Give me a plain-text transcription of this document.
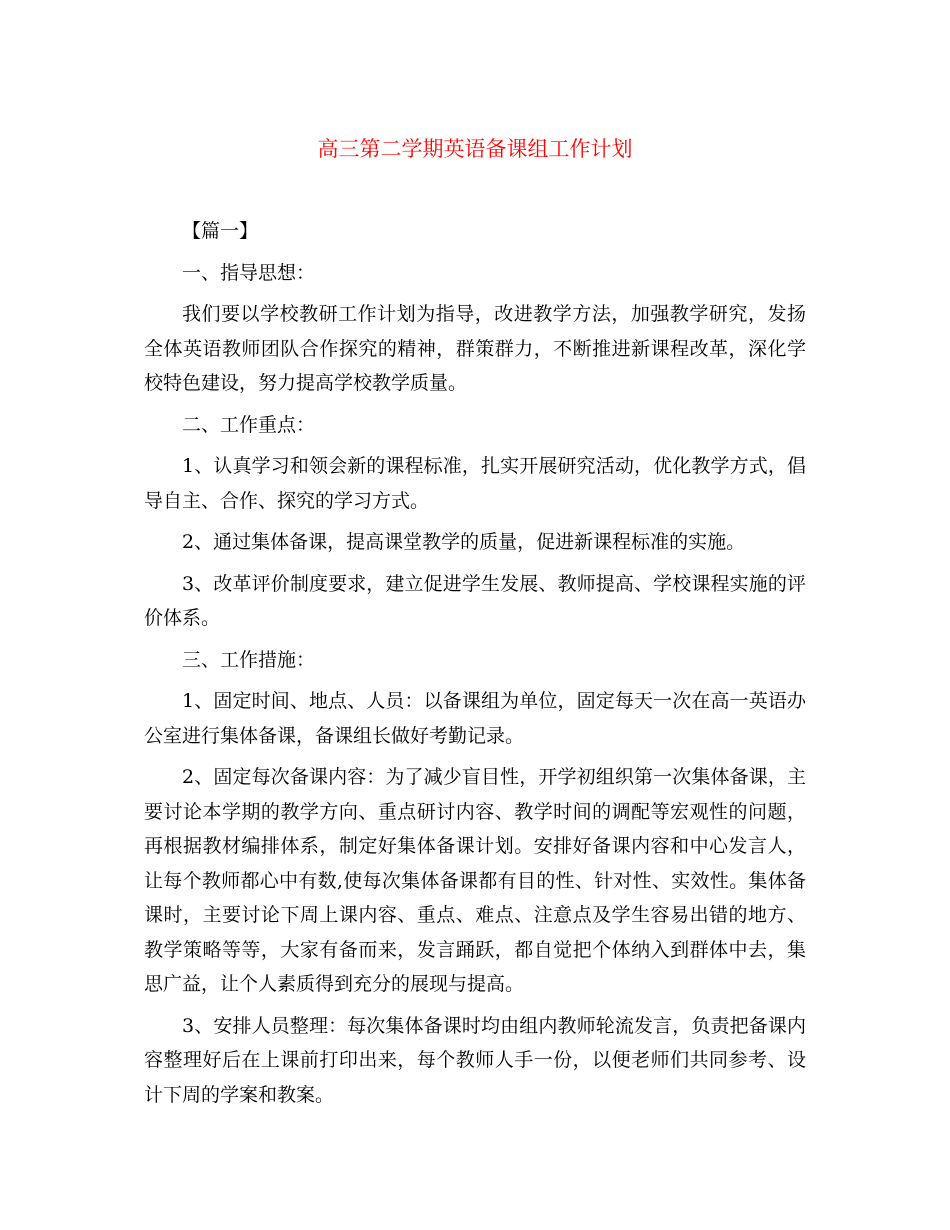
高三第二学期英语备课组工作计划

【篇一】

一、指导思想：

我们要以学校教研工作计划为指导，改进教学方法，加强教学研究，发扬全体英语教师团队合作探究的精神，群策群力，不断推进新课程改革，深化学校特色建设，努力提高学校教学质量。

二、工作重点：

1、认真学习和领会新的课程标准，扎实开展研究活动，优化教学方式，倡导自主、合作、探究的学习方式。

2、通过集体备课，提高课堂教学的质量，促进新课程标准的实施。

3、改革评价制度要求，建立促进学生发展、教师提高、学校课程实施的评价体系。

三、工作措施：

1、固定时间、地点、人员：以备课组为单位，固定每天一次在高一英语办公室进行集体备课，备课组长做好考勤记录。

2、固定每次备课内容：为了减少盲目性，开学初组织第一次集体备课，主要讨论本学期的教学方向、重点研讨内容、教学时间的调配等宏观性的问题，再根据教材编排体系，制定好集体备课计划。安排好备课内容和中心发言人，让每个教师都心中有数,使每次集体备课都有目的性、针对性、实效性。集体备课时，主要讨论下周上课内容、重点、难点、注意点及学生容易出错的地方、教学策略等等，大家有备而来，发言踊跃，都自觉把个体纳入到群体中去，集思广益，让个人素质得到充分的展现与提高。

3、安排人员整理：每次集体备课时均由组内教师轮流发言，负责把备课内容整理好后在上课前打印出来，每个教师人手一份，以便老师们共同参考、设计下周的学案和教案。
